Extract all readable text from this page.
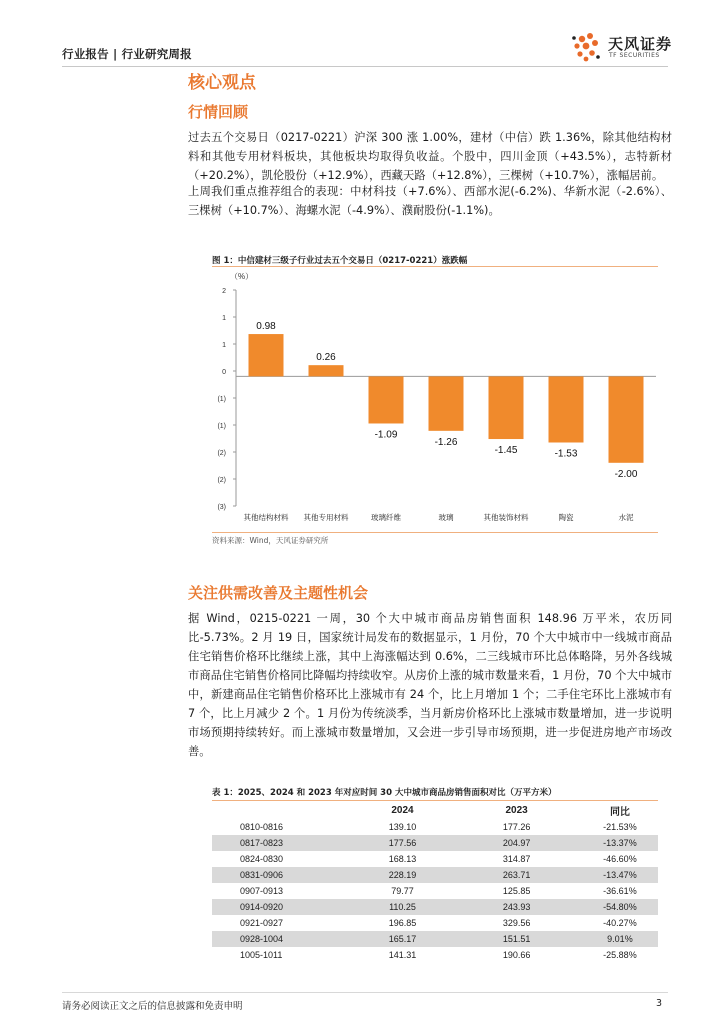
行业报告 | 行业研究周报
天风证券
TF SECURITIES
核心观点
行情回顾
过去五个交易日（0217-0221）沪深 300 涨 1.00%，建材（中信）跌 1.36%，除其他结构材料和其他专用材料板块，其他板块均取得负收益。个股中，四川金顶（+43.5%），志特新材（+20.2%），凯伦股份（+12.9%），西藏天路（+12.8%），三棵树（+10.7%），涨幅居前。
上周我们重点推荐组合的表现：中材科技（+7.6%）、西部水泥(-6.2%)、华新水泥（-2.6%）、三棵树（+10.7%）、海螺水泥（-4.9%）、濮耐股份(-1.1%)。
图 1：中信建材三级子行业过去五个交易日（0217-0221）涨跌幅
（%）
2
1
1
0
(1)
(1)
(2)
(2)
(3)
0.98
其他结构材料
0.26
其他专用材料
-1.09
玻璃纤维
-1.26
玻璃
-1.45
其他装饰材料
-1.53
陶瓷
-2.00
水泥
资料来源：Wind，天风证券研究所
关注供需改善及主题性机会
据 Wind，0215-0221 一周，30 个大中城市商品房销售面积 148.96 万平米，农历同比-5.73%。2 月 19 日，国家统计局发布的数据显示，1 月份，70 个大中城市中一线城市商品住宅销售价格环比继续上涨，其中上海涨幅达到 0.6%，二三线城市环比总体略降，另外各线城市商品住宅销售价格同比降幅均持续收窄。从房价上涨的城市数量来看，1 月份，70 个大中城市中，新建商品住宅销售价格环比上涨城市有 24 个，比上月增加 1 个；二手住宅环比上涨城市有 7 个，比上月减少 2 个。1 月份为传统淡季，当月新房价格环比上涨城市数量增加，进一步说明市场预期持续转好。而上涨城市数量增加，又会进一步引导市场预期，进一步促进房地产市场改善。
表 1：2025、2024 和 2023 年对应时间 30 大中城市商品房销售面积对比（万平方米）
	2024	2023	同比
0810-0816	139.10	177.26	-21.53%
0817-0823	177.56	204.97	-13.37%
0824-0830	168.13	314.87	-46.60%
0831-0906	228.19	263.71	-13.47%
0907-0913	79.77	125.85	-36.61%
0914-0920	110.25	243.93	-54.80%
0921-0927	196.85	329.56	-40.27%
0928-1004	165.17	151.51	9.01%
1005-1011	141.31	190.66	-25.88%
请务必阅读正文之后的信息披露和免责申明	3
